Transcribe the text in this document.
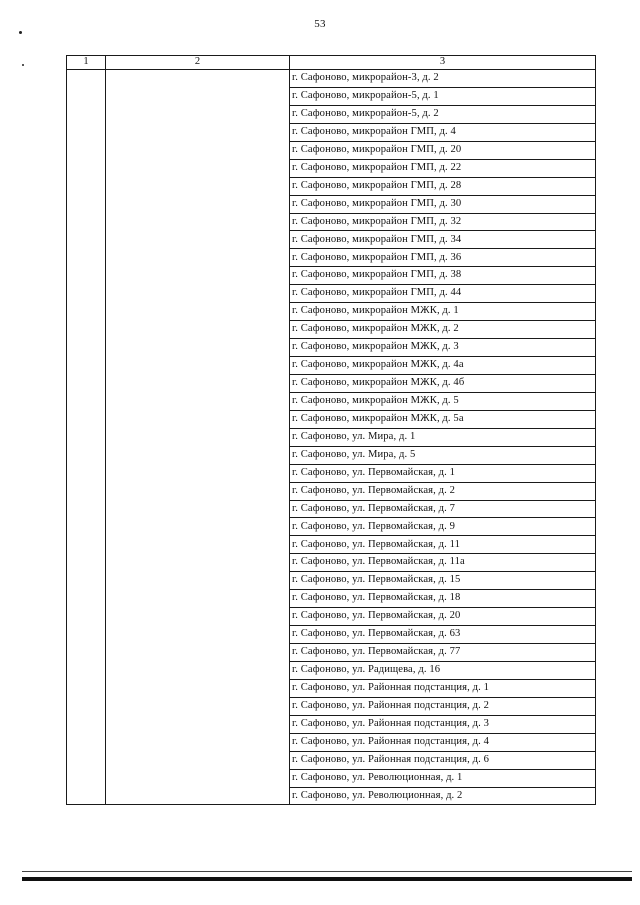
53
1	2	3
		г. Сафоново, микрорайон-3, д. 2
		г. Сафоново, микрорайон-5, д. 1
		г. Сафоново, микрорайон-5, д. 2
		г. Сафоново, микрорайон ГМП, д. 4
		г. Сафоново, микрорайон ГМП, д. 20
		г. Сафоново, микрорайон ГМП, д. 22
		г. Сафоново, микрорайон ГМП, д. 28
		г. Сафоново, микрорайон ГМП, д. 30
		г. Сафоново, микрорайон ГМП, д. 32
		г. Сафоново, микрорайон ГМП, д. 34
		г. Сафоново, микрорайон ГМП, д. 36
		г. Сафоново, микрорайон ГМП, д. 38
		г. Сафоново, микрорайон ГМП, д. 44
		г. Сафоново, микрорайон МЖК, д. 1
		г. Сафоново, микрорайон МЖК, д. 2
		г. Сафоново, микрорайон МЖК, д. 3
		г. Сафоново, микрорайон МЖК, д. 4а
		г. Сафоново, микрорайон МЖК, д. 4б
		г. Сафоново, микрорайон МЖК, д. 5
		г. Сафоново, микрорайон МЖК, д. 5а
		г. Сафоново, ул. Мира, д. 1
		г. Сафоново, ул. Мира, д. 5
		г. Сафоново, ул. Первомайская, д. 1
		г. Сафоново, ул. Первомайская, д. 2
		г. Сафоново, ул. Первомайская, д. 7
		г. Сафоново, ул. Первомайская, д. 9
		г. Сафоново, ул. Первомайская, д. 11
		г. Сафоново, ул. Первомайская, д. 11а
		г. Сафоново, ул. Первомайская, д. 15
		г. Сафоново, ул. Первомайская, д. 18
		г. Сафоново, ул. Первомайская, д. 20
		г. Сафоново, ул. Первомайская, д. 63
		г. Сафоново, ул. Первомайская, д. 77
		г. Сафоново, ул. Радищева, д. 16
		г. Сафоново, ул. Районная подстанция, д. 1
		г. Сафоново, ул. Районная подстанция, д. 2
		г. Сафоново, ул. Районная подстанция, д. 3
		г. Сафоново, ул. Районная подстанция, д. 4
		г. Сафоново, ул. Районная подстанция, д. 6
		г. Сафоново, ул. Революционная, д. 1
		г. Сафоново, ул. Революционная, д. 2
